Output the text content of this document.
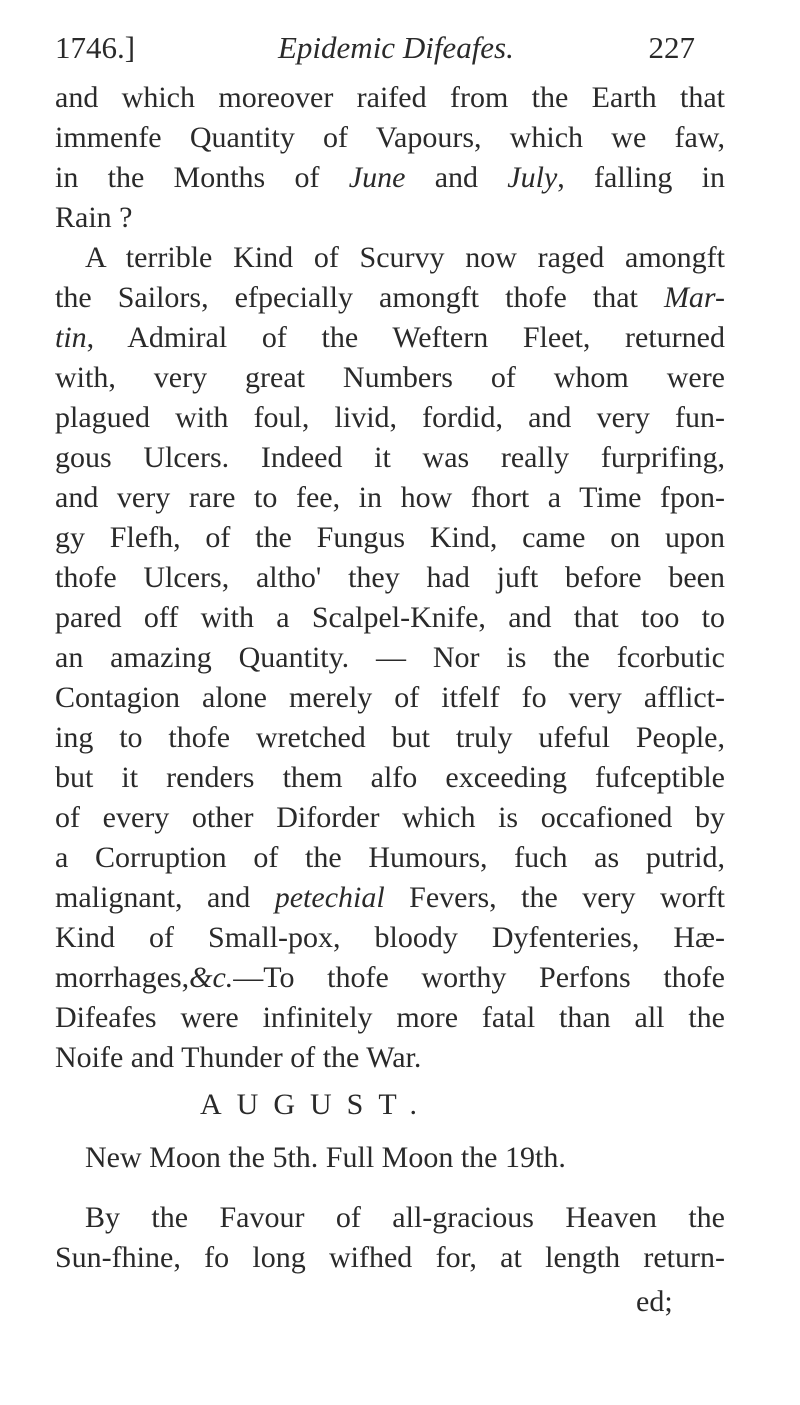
1746.]	Epidemic Difeafes.	227
and which moreover raifed from the Earth that
immenfe Quantity of Vapours, which we faw,
in the Months of June and July, falling in
Rain ?
A terrible Kind of Scurvy now raged amongft
the Sailors, efpecially amongft thofe that Mar-
tin, Admiral of the Weftern Fleet, returned
with, very great Numbers of whom were
plagued with foul, livid, fordid, and very fun-
gous Ulcers. Indeed it was really furprifing,
and very rare to fee, in how fhort a Time fpon-
gy Flefh, of the Fungus Kind, came on upon
thofe Ulcers, altho' they had juft before been
pared off with a Scalpel-Knife, and that too to
an amazing Quantity. — Nor is the fcorbutic
Contagion alone merely of itfelf fo very afflict-
ing to thofe wretched but truly ufeful People,
but it renders them alfo exceeding fufceptible
of every other Diforder which is occafioned by
a Corruption of the Humours, fuch as putrid,
malignant, and petechial Fevers, the very worft
Kind of Small-pox, bloody Dyfenteries, Hæ-
morrhages,&c.—To thofe worthy Perfons thofe
Difeafes were infinitely more fatal than all the
Noife and Thunder of the War.
AUGUST.
New Moon the 5th. Full Moon the 19th.
By the Favour of all-gracious Heaven the
Sun-fhine, fo long wifhed for, at length return-
ed;
